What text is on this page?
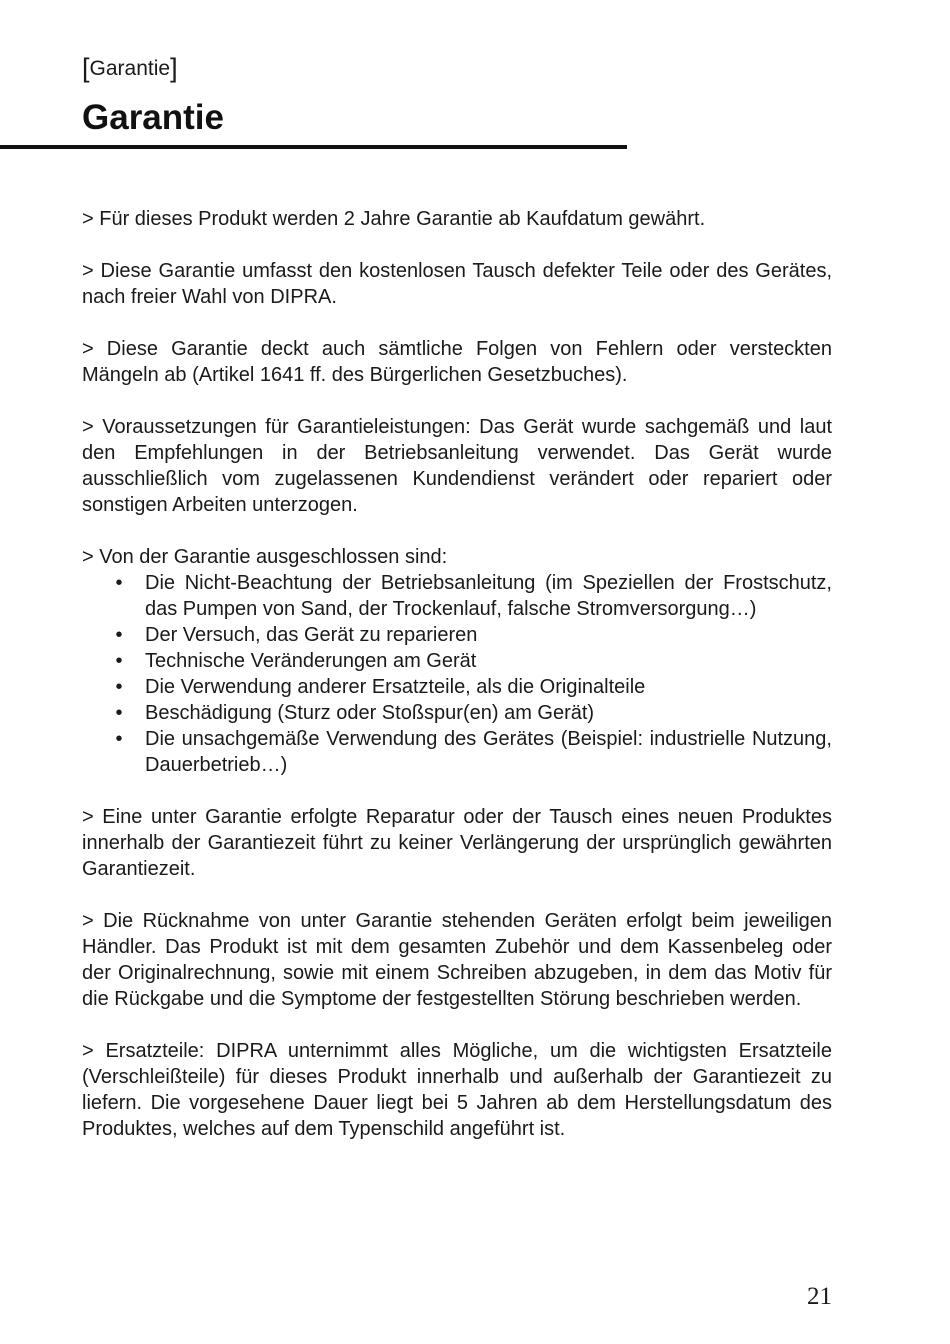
[Garantie]
Garantie

> Für dieses Produkt werden 2 Jahre Garantie ab Kaufdatum gewährt.

> Diese Garantie umfasst den kostenlosen Tausch defekter Teile oder des Gerätes, nach freier Wahl von DIPRA.

> Diese Garantie deckt auch sämtliche Folgen von Fehlern oder versteckten Mängeln ab (Artikel 1641 ff. des Bürgerlichen Gesetzbuches).

> Voraussetzungen für Garantieleistungen: Das Gerät wurde sachgemäß und laut den Empfehlungen in der Betriebsanleitung verwendet. Das Gerät wurde ausschließlich vom zugelassenen Kundendienst verändert oder repariert oder sonstigen Arbeiten unterzogen.

> Von der Garantie ausgeschlossen sind:

• Die Nicht-Beachtung der Betriebsanleitung (im Speziellen der Frostschutz, das Pumpen von Sand, der Trockenlauf, falsche Stromversorgung…)
• Der Versuch, das Gerät zu reparieren
• Technische Veränderungen am Gerät
• Die Verwendung anderer Ersatzteile, als die Originalteile
• Beschädigung (Sturz oder Stoßspur(en) am Gerät)
• Die unsachgemäße Verwendung des Gerätes (Beispiel: industrielle Nutzung, Dauerbetrieb…)

> Eine unter Garantie erfolgte Reparatur oder der Tausch eines neuen Produktes innerhalb der Garantiezeit führt zu keiner Verlängerung der ursprünglich gewährten Garantiezeit.

> Die Rücknahme von unter Garantie stehenden Geräten erfolgt beim jeweiligen Händler. Das Produkt ist mit dem gesamten Zubehör und dem Kassenbeleg oder der Originalrechnung, sowie mit einem Schreiben abzugeben, in dem das Motiv für die Rückgabe und die Symptome der festgestellten Störung beschrieben werden.

> Ersatzteile: DIPRA unternimmt alles Mögliche, um die wichtigsten Ersatzteile (Verschleißteile) für dieses Produkt innerhalb und außerhalb der Garantiezeit zu liefern. Die vorgesehene Dauer liegt bei 5 Jahren ab dem Herstellungsdatum des Produktes, welches auf dem Typenschild angeführt ist.

21
